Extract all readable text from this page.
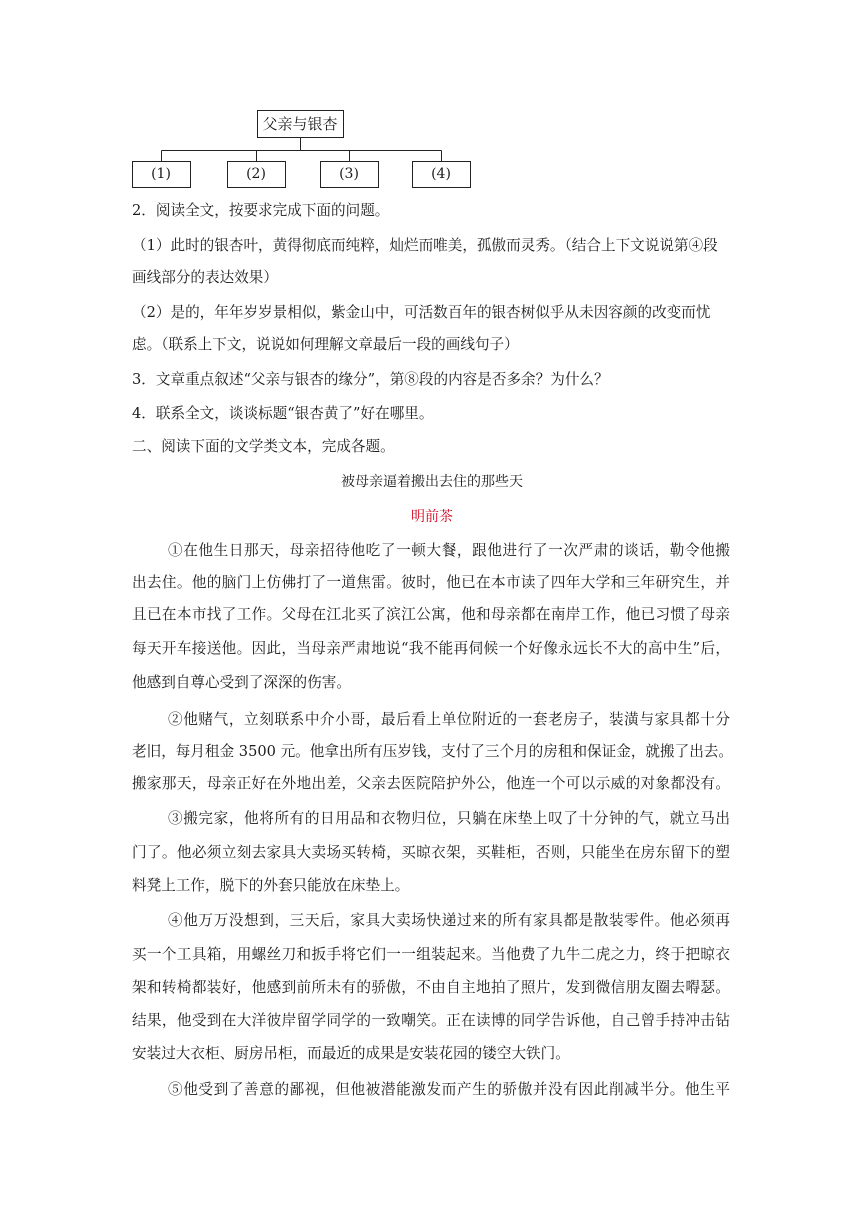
父亲与银杏
(1)	(2)	(3)	(4)
2．阅读全文，按要求完成下面的问题。
（1）此时的银杏叶，黄得彻底而纯粹，灿烂而唯美，孤傲而灵秀。（结合上下文说说第④段
画线部分的表达效果）
（2）是的，年年岁岁景相似，紫金山中，可活数百年的银杏树似乎从未因容颜的改变而忧
虑。（联系上下文，说说如何理解文章最后一段的画线句子）
3．文章重点叙述“父亲与银杏的缘分”，第⑧段的内容是否多余？为什么？
4．联系全文，谈谈标题“银杏黄了”好在哪里。
二、阅读下面的文学类文本，完成各题。
被母亲逼着搬出去住的那些天
明前茶
①在他生日那天，母亲招待他吃了一顿大餐，跟他进行了一次严肃的谈话，勒令他搬
出去住。他的脑门上仿佛打了一道焦雷。彼时，他已在本市读了四年大学和三年研究生，并
且已在本市找了工作。父母在江北买了滨江公寓，他和母亲都在南岸工作，他已习惯了母亲
每天开车接送他。因此，当母亲严肃地说“我不能再伺候一个好像永远长不大的高中生”后，
他感到自尊心受到了深深的伤害。
②他赌气，立刻联系中介小哥，最后看上单位附近的一套老房子，装潢与家具都十分
老旧，每月租金 3500 元。他拿出所有压岁钱，支付了三个月的房租和保证金，就搬了出去。
搬家那天，母亲正好在外地出差，父亲去医院陪护外公，他连一个可以示威的对象都没有。
③搬完家，他将所有的日用品和衣物归位，只躺在床垫上叹了十分钟的气，就立马出
门了。他必须立刻去家具大卖场买转椅，买晾衣架，买鞋柜，否则，只能坐在房东留下的塑
料凳上工作，脱下的外套只能放在床垫上。
④他万万没想到，三天后，家具大卖场快递过来的所有家具都是散装零件。他必须再
买一个工具箱，用螺丝刀和扳手将它们一一组装起来。当他费了九牛二虎之力，终于把晾衣
架和转椅都装好，他感到前所未有的骄傲，不由自主地拍了照片，发到微信朋友圈去嘚瑟。
结果，他受到在大洋彼岸留学同学的一致嘲笑。正在读博的同学告诉他，自己曾手持冲击钻
安装过大衣柜、厨房吊柜，而最近的成果是安装花园的镂空大铁门。
⑤他受到了善意的鄙视，但他被潜能激发而产生的骄傲并没有因此削减半分。他生平
